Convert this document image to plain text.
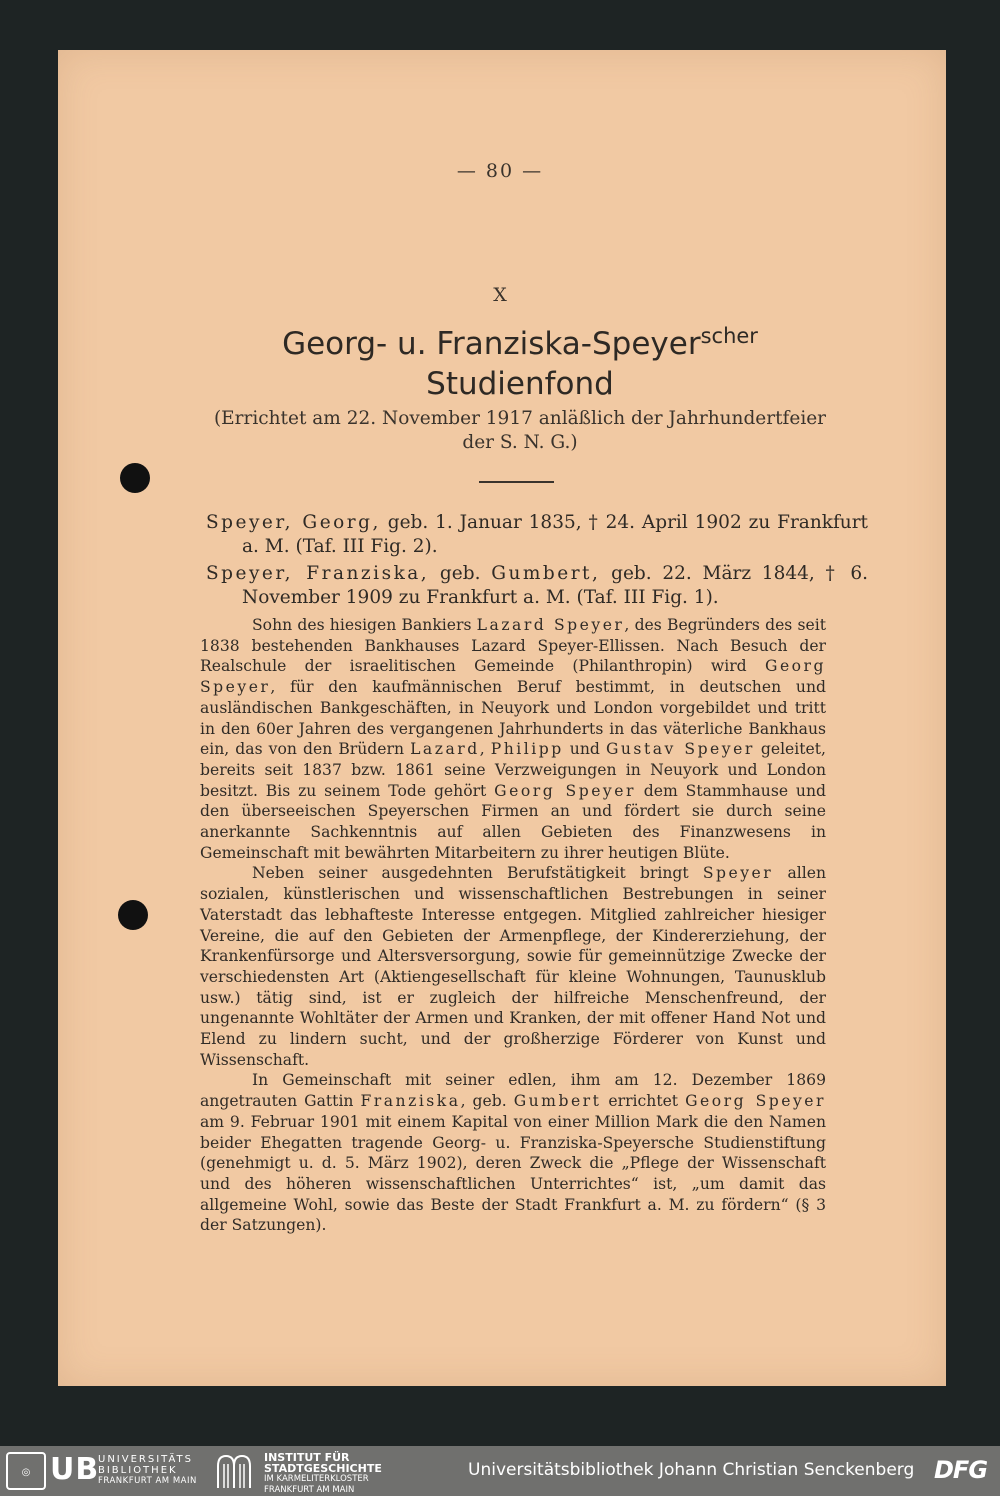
— 80 —
X
Georg- u. Franziska-Speyer$^{scher}$
Studienfond
(Errichtet am 22. November 1917 anläßlich der Jahrhundertfeier
der S. N. G.)
Speyer, Georg, geb. 1. Januar 1835, † 24. April 1902 zu Frankfurt a. M. (Taf. III Fig. 2).
Speyer, Franziska, geb. Gumbert, geb. 22. März 1844, † 6. November 1909 zu Frankfurt a. M. (Taf. III Fig. 1).

Sohn des hiesigen Bankiers Lazard Speyer, des Begründers des seit 1838 bestehenden Bankhauses Lazard Speyer-Ellissen. Nach Besuch der Realschule der israelitischen Gemeinde (Philanthropin) wird Georg Speyer, für den kaufmännischen Beruf bestimmt, in deutschen und ausländischen Bankgeschäften, in Neuyork und London vorgebildet und tritt in den 60er Jahren des vergangenen Jahrhunderts in das väterliche Bankhaus ein, das von den Brüdern Lazard, Philipp und Gustav Speyer geleitet, bereits seit 1837 bzw. 1861 seine Verzweigungen in Neuyork und London besitzt. Bis zu seinem Tode gehört Georg Speyer dem Stammhause und den überseeischen Speyerschen Firmen an und fördert sie durch seine anerkannte Sachkenntnis auf allen Gebieten des Finanzwesens in Gemeinschaft mit bewährten Mitarbeitern zu ihrer heutigen Blüte.

Neben seiner ausgedehnten Berufstätigkeit bringt Speyer allen sozialen, künstlerischen und wissenschaftlichen Bestrebungen in seiner Vaterstadt das lebhafteste Interesse entgegen. Mitglied zahlreicher hiesiger Vereine, die auf den Gebieten der Armenpflege, der Kindererziehung, der Krankenfürsorge und Altersversorgung, sowie für gemeinnützige Zwecke der verschiedensten Art (Aktiengesellschaft für kleine Wohnungen, Taunusklub usw.) tätig sind, ist er zugleich der hilfreiche Menschenfreund, der ungenannte Wohltäter der Armen und Kranken, der mit offener Hand Not und Elend zu lindern sucht, und der großherzige Förderer von Kunst und Wissenschaft.

In Gemeinschaft mit seiner edlen, ihm am 12. Dezember 1869 angetrauten Gattin Franziska, geb. Gumbert errichtet Georg Speyer am 9. Februar 1901 mit einem Kapital von einer Million Mark die den Namen beider Ehegatten tragende Georg- u. Franziska-Speyersche Studienstiftung (genehmigt u. d. 5. März 1902), deren Zweck die „Pflege der Wissenschaft und des höheren wissenschaftlichen Unterrichtes“ ist, „um damit das allgemeine Wohl, sowie das Beste der Stadt Frankfurt a. M. zu fördern“ (§ 3 der Satzungen).

◎ UB
UNIVERSITÄTS
BIBLIOTHEK
FRANKFURT AM MAIN
INSTITUT FÜR
STADTGESCHICHTE
IM KARMELITERKLOSTER
FRANKFURT AM MAIN
Universitätsbibliothek Johann Christian Senckenberg DFG
